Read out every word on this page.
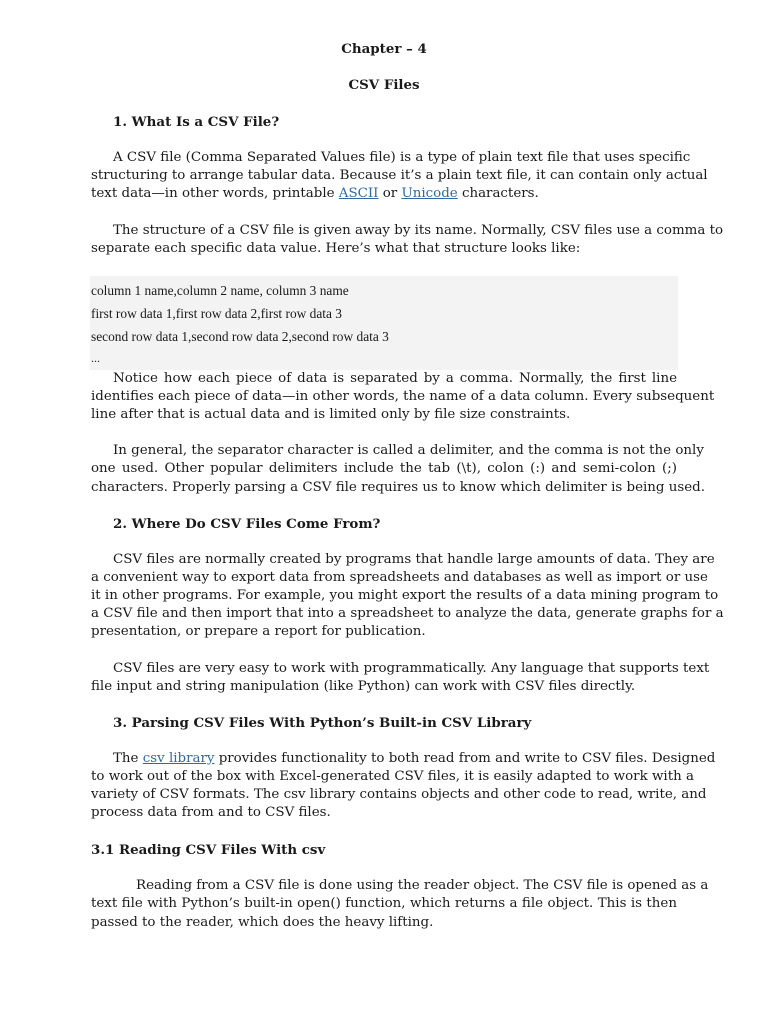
Chapter – 4
CSV Files
1. What Is a CSV File?
A CSV file (Comma Separated Values file) is a type of plain text file that uses specific
structuring to arrange tabular data. Because it’s a plain text file, it can contain only actual
text data—in other words, printable ASCII or Unicode characters.
The structure of a CSV file is given away by its name. Normally, CSV files use a comma to
separate each specific data value. Here’s what that structure looks like:
column 1 name,column 2 name, column 3 name
first row data 1,first row data 2,first row data 3
second row data 1,second row data 2,second row data 3
...
Notice how each piece of data is separated by a comma. Normally, the first line
identifies each piece of data—in other words, the name of a data column. Every subsequent
line after that is actual data and is limited only by file size constraints.
In general, the separator character is called a delimiter, and the comma is not the only
one used. Other popular delimiters include the tab (\t), colon (:) and semi-colon (;)
characters. Properly parsing a CSV file requires us to know which delimiter is being used.
2. Where Do CSV Files Come From?
CSV files are normally created by programs that handle large amounts of data. They are
a convenient way to export data from spreadsheets and databases as well as import or use
it in other programs. For example, you might export the results of a data mining program to
a CSV file and then import that into a spreadsheet to analyze the data, generate graphs for a
presentation, or prepare a report for publication.
CSV files are very easy to work with programmatically. Any language that supports text
file input and string manipulation (like Python) can work with CSV files directly.
3. Parsing CSV Files With Python’s Built-in CSV Library
The csv library provides functionality to both read from and write to CSV files. Designed
to work out of the box with Excel-generated CSV files, it is easily adapted to work with a
variety of CSV formats. The csv library contains objects and other code to read, write, and
process data from and to CSV files.
3.1 Reading CSV Files With csv
Reading from a CSV file is done using the reader object. The CSV file is opened as a
text file with Python’s built-in open() function, which returns a file object. This is then
passed to the reader, which does the heavy lifting.
